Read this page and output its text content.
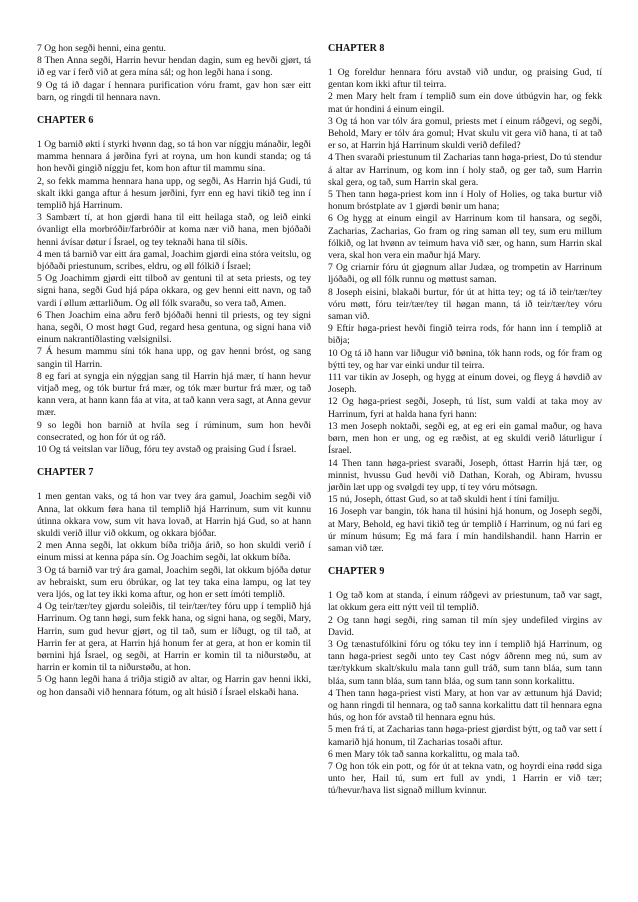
7 Og hon segði henni, eina gentu.

8 Then Anna segði, Harrin hevur hendan dagin, sum eg hevði gjørt, tá ið eg var í ferð við at gera mína sál; og hon legði hana í song.

9 Og tá ið dagar í hennara purification vóru framt, gav hon sær eitt barn, og ringdi til hennara navn.

CHAPTER 6

1 Og barnið økti í styrki hvønn dag, so tá hon var níggju mánaðir, legði mamma hennara á jørðina fyri at royna, um hon kundi standa; og tá hon hevði gingið níggju fet, kom hon aftur til mammu sína.

2, so fekk mamma hennara hana upp, og segði, As Harrin hjá Gudi, tú skalt ikki ganga aftur á hesum jørðini, fyrr enn eg havi tikið teg inn í templið hjá Harrinum.

3 Sambært tí, at hon gjørdi hana til eitt heilaga stað, og leið einki óvanligt ella morbróðir/farbróðir at koma nær við hana, men bjóðaði henni ávísar døtur í Ísrael, og tey teknaði hana til síðis.

4 men tá barnið var eitt ára gamal, Joachim gjørdi eina stóra veitslu, og bjóðaði priestunum, scribes, eldru, og øll fólkið í Ísrael;

5 Og Joachimm gjørdi eitt tilboð av gentuni til at seta priests, og tey signi hana, segði Gud hjá pápa okkara, og gev henni eitt navn, og tað vardi í øllum ættarliðum. Og øll fólk svaraðu, so vera tað, Amen.

6 Then Joachim eina aðru ferð bjóðaði henni til priests, og tey signi hana, segði, O most høgt Gud, regard hesa gentuna, og signi hana við einum nakrantíðlasting vælsignilsi.

7 Á hesum mammu síni tók hana upp, og gav henni bróst, og sang sangin til Harrin.

8 eg fari at syngja ein nýggjan sang til Harrin hjá mær, tí hann hevur vitjað meg, og tók burtur frá mær, og tók mær burtur frá mær, og tað kann vera, at hann kann fáa at vita, at tað kann vera sagt, at Anna gevur mær.

9 so legði hon barnið at hvíla seg í rúminum, sum hon hevði consecrated, og hon fór út og ráð.

10 Og tá veitslan var líðug, fóru tey avstað og praising Gud í Ísrael.

CHAPTER 7

1 men gentan vaks, og tá hon var tvey ára gamul, Joachim segði við Anna, lat okkum føra hana til templið hjá Harrinum, sum vit kunnu útinna okkara vow, sum vit hava lovað, at Harrin hjá Gud, so at hann skuldi verið illur við okkum, og okkara bjóðar.

2 men Anna segði, lat okkum bíða triðja árið, so hon skuldi verið í einum missi at kenna pápa sín. Og Joachim segði, lat okkum bíða.

3 Og tá barnið var trý ára gamal, Joachim segði, lat okkum bjóða døtur av hebraiskt, sum eru óbrúkar, og lat tey taka eina lampu, og lat tey vera ljós, og lat tey ikki koma aftur, og hon er sett ímóti templið.

4 Og teir/tær/tey gjørdu soleiðis, til teir/tær/tey fóru upp í templið hjá Harrinum. Og tann høgi, sum fekk hana, og signi hana, og segði, Mary, Harrin, sum gud hevur gjørt, og til tað, sum er líðugt, og til tað, at Harrin fer at gera, at Harrin hjá honum fer at gera, at hon er komin til børnini hjá Ísrael, og segði, at Harrin er komin til ta niðurstøðu, at harrin er komin til ta niðurstøðu, at hon.

5 Og hann legði hana á triðja stigið av altar, og Harrin gav henni ikki, og hon dansaði við hennara fótum, og alt húsið í Ísrael elskaði hana.

CHAPTER 8

1 Og foreldur hennara fóru avstað við undur, og praising Gud, tí gentan kom ikki aftur til teirra.

2 men Mary helt fram í templið sum ein dove útbúgvin har, og fekk mat úr hondini á einum eingil.

3 Og tá hon var tólv ára gomul, priests met í einum ráðgevi, og segði, Behold, Mary er tólv ára gomul; Hvat skulu vit gera við hana, tí at tað er so, at Harrin hjá Harrinum skuldi verið defiled?

4 Then svaraði priestunum til Zacharias tann høga-priest, Do tú stendur á altar av Harrinum, og kom inn í holy stað, og ger tað, sum Harrin skal gera, og tað, sum Harrin skal gera.

5 Then tann høga-priest kom inn í Holy of Holies, og taka burtur við honum bróstplate av 1 gjørdi bønir um hana;

6 Og hygg at einum eingil av Harrinum kom til hansara, og segði, Zacharias, Zacharias, Go fram og ring saman øll tey, sum eru millum fólkið, og lat hvønn av teimum hava við sær, og hann, sum Harrin skal vera, skal hon vera ein maður hjá Mary.

7 Og criarnir fóru út gjøgnum allar Judæa, og trompetin av Harrinum ljóðaði, og øll fólk runnu og møttust saman.

8 Joseph eisini, blakaði burtur, fór út at hitta tey; og tá ið teir/tær/tey vóru møtt, fóru teir/tær/tey til høgan mann, tá ið teir/tær/tey vóru saman við.

9 Eftir høga-priest hevði fingið teirra rods, fór hann inn í templið at biðja;

10 Og tá ið hann var liðugur við bønina, tók hann rods, og fór fram og býtti tey, og har var einki undur til teirra.

111 var tikin av Joseph, og hygg at einum dovei, og fleyg á høvdið av Joseph.

12 Og høga-priest segði, Joseph, tú líst, sum valdi at taka moy av Harrinum, fyri at halda hana fyri hann:

13 men Joseph noktaði, segði eg, at eg eri ein gamal maður, og hava børn, men hon er ung, og eg ræðist, at eg skuldi verið láturligur í Ísrael.

14 Then tann høga-priest svaraði, Joseph, óttast Harrin hjá tær, og minnist, hvussu Gud hevði við Dathan, Korah, og Abiram, hvussu jørðin læt upp og svølgdi tey upp, tí tey vóru mótsøgn.

15 nú, Joseph, óttast Gud, so at tað skuldi hent í tíni familju.

16 Joseph var bangin, tók hana til húsini hjá honum, og Joseph segði, at Mary, Behold, eg havi tikið teg úr templið í Harrinum, og nú fari eg úr mínum húsum; Eg má fara í mín handilshandil. hann Harrin er saman við tær.

CHAPTER 9

1 Og tað kom at standa, í einum ráðgevi av priestunum, tað var sagt, lat okkum gera eitt nýtt veil til templið.

2 Og tann høgi segði, ring saman til mín sjey undefiled virgins av David.

3 Og tænastufólkini fóru og tóku tey inn í templið hjá Harrinum, og tann høga-priest segði unto tey Cast nógv áðrenn meg nú, sum av tær/tykkum skalt/skulu mala tann gull tráð, sum tann bláa, sum tann bláa, sum tann bláa, sum tann bláa, og sum tann sonn korkalittu.

4 Then tann høga-priest visti Mary, at hon var av ættunum hjá David; og hann ringdi til hennara, og tað sanna korkalittu datt til hennara egna hús, og hon fór avstað til hennara egnu hús.

5 men frá tí, at Zacharias tann høga-priest gjørdist býtt, og tað var sett í kamarið hjá honum, til Zacharias tosaði aftur.

6 men Mary tók tað sanna korkalittu, og mala tað.

7 Og hon tók ein pott, og fór út at tekna vatn, og hoyrdi eina rødd siga unto her, Hail tú, sum ert full av yndi, 1 Harrin er við tær; tú/hevur/hava list signað millum kvinnur.
